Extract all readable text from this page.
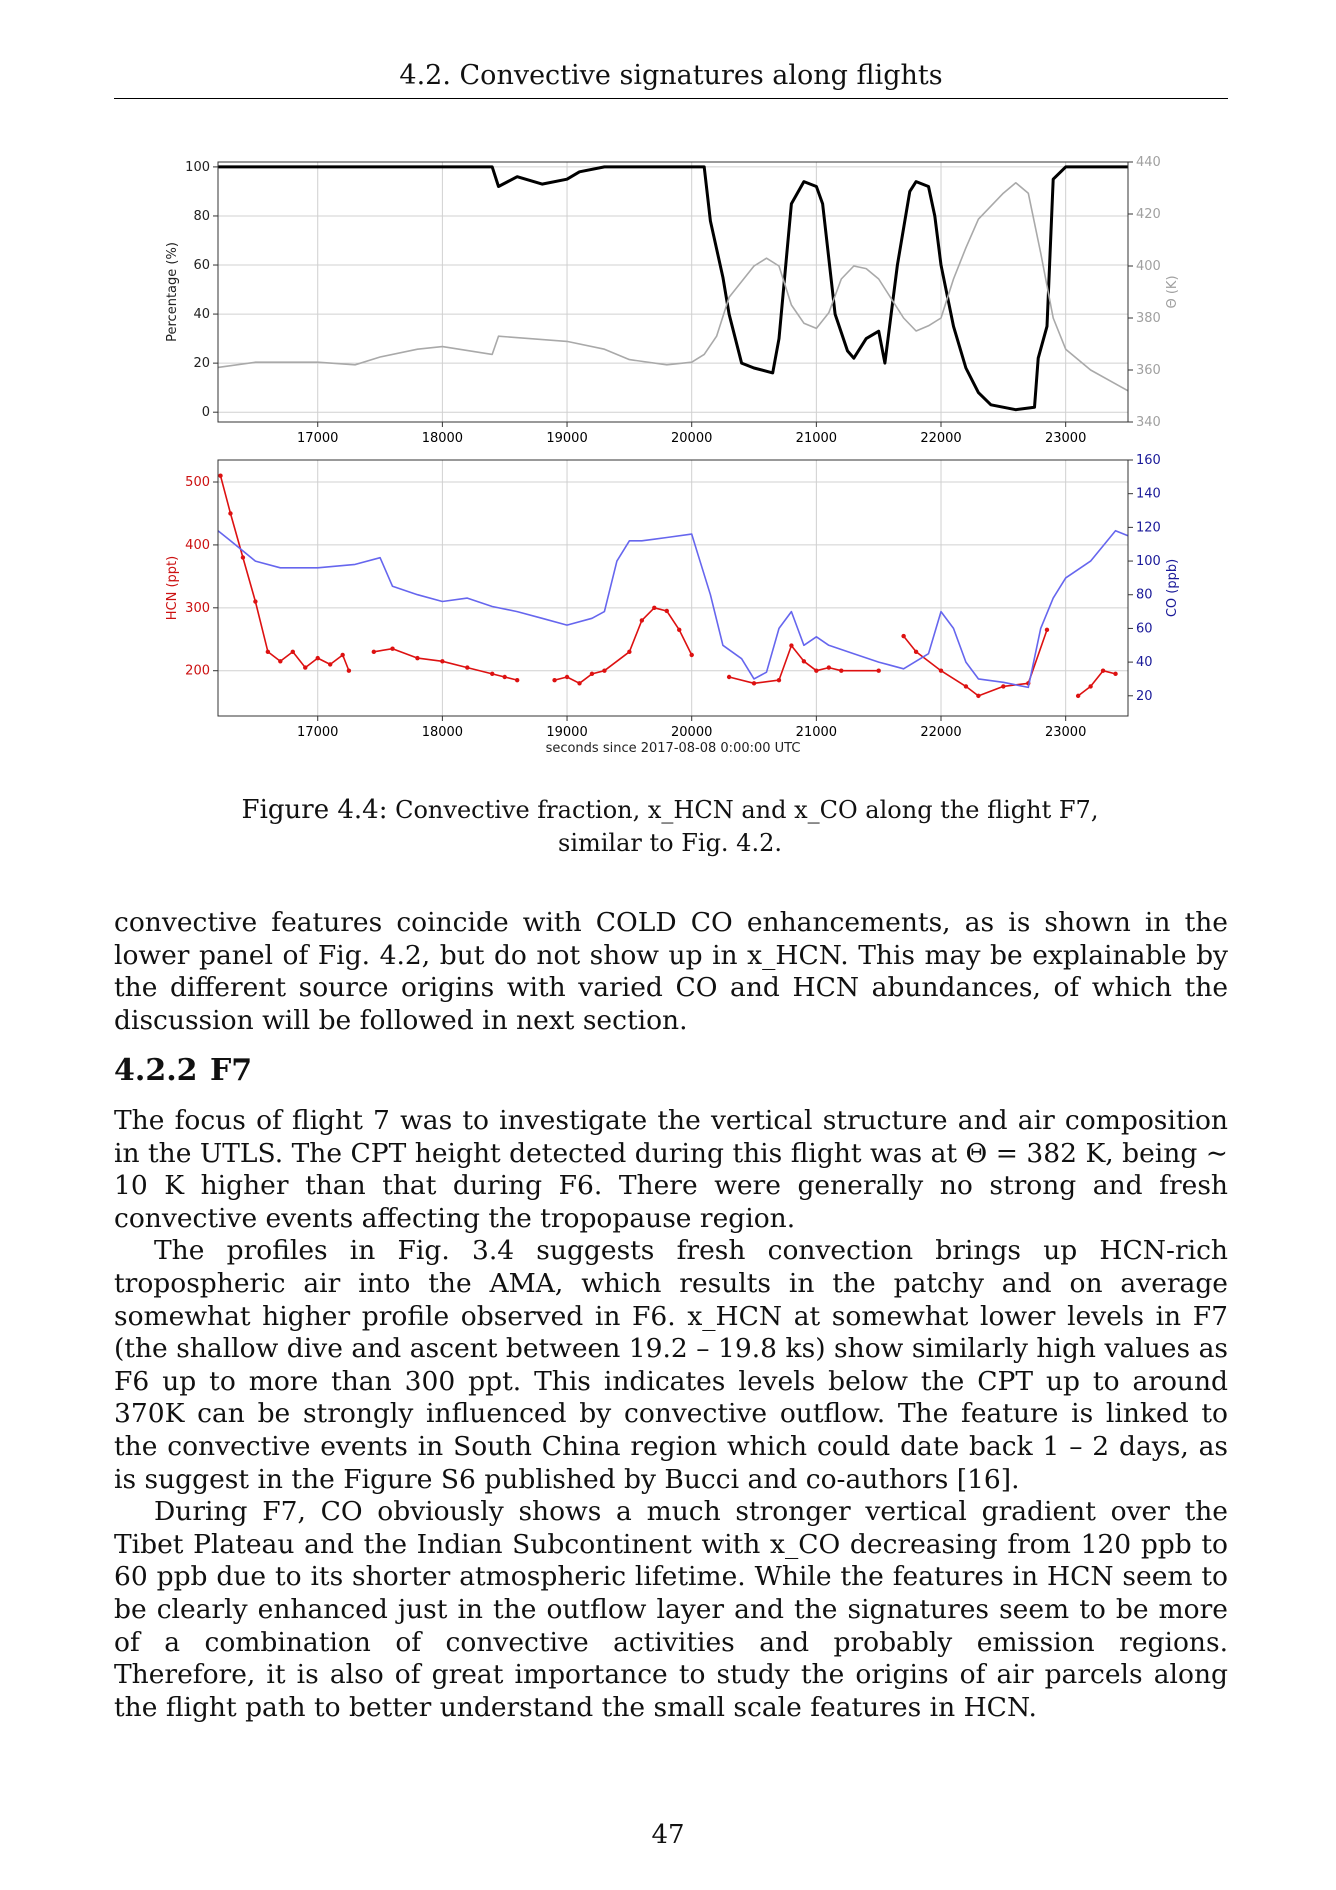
4.2. Convective signatures along flights
17000	18000	19000	20000	21000	22000	23000
0
20
40
60
80
100
340
360
380
400
420
440
Percentage (%)	Θ (K)
17000	18000	19000	20000	21000	22000	23000
200
300
400
500
20
40
60
80
100
120
140
160
HCN (ppt)	CO (ppb)
seconds since 2017-08-08 0:00:00 UTC
Figure 4.4: Convective fraction, x_HCN and x_CO along the flight F7, similar to Fig. 4.2.

convective features coincide with COLD CO enhancements, as is shown in the lower panel of Fig. 4.2, but do not show up in x_HCN. This may be explainable by the different source origins with varied CO and HCN abundances, of which the discussion will be followed in next section.

4.2.2 F7

The focus of flight 7 was to investigate the vertical structure and air composition in the UTLS. The CPT height detected during this flight was at Θ = 382 K, being ∼ 10 K higher than that during F6. There were generally no strong and fresh convective events affecting the tropopause region.

The profiles in Fig. 3.4 suggests fresh convection brings up HCN-rich tropospheric air into the AMA, which results in the patchy and on average somewhat higher profile observed in F6. x_HCN at somewhat lower levels in F7 (the shallow dive and ascent between 19.2 – 19.8 ks) show similarly high values as F6 up to more than 300 ppt. This indicates levels below the CPT up to around 370K can be strongly influenced by convective outflow. The feature is linked to the convective events in South China region which could date back 1 – 2 days, as is suggest in the Figure S6 published by Bucci and co-authors [16].

During F7, CO obviously shows a much stronger vertical gradient over the Tibet Plateau and the Indian Subcontinent with x_CO decreasing from 120 ppb to 60 ppb due to its shorter atmospheric lifetime. While the features in HCN seem to be clearly enhanced just in the outflow layer and the signatures seem to be more of a combination of convective activities and probably emission regions. Therefore, it is also of great importance to study the origins of air parcels along the flight path to better understand the small scale features in HCN.

47
